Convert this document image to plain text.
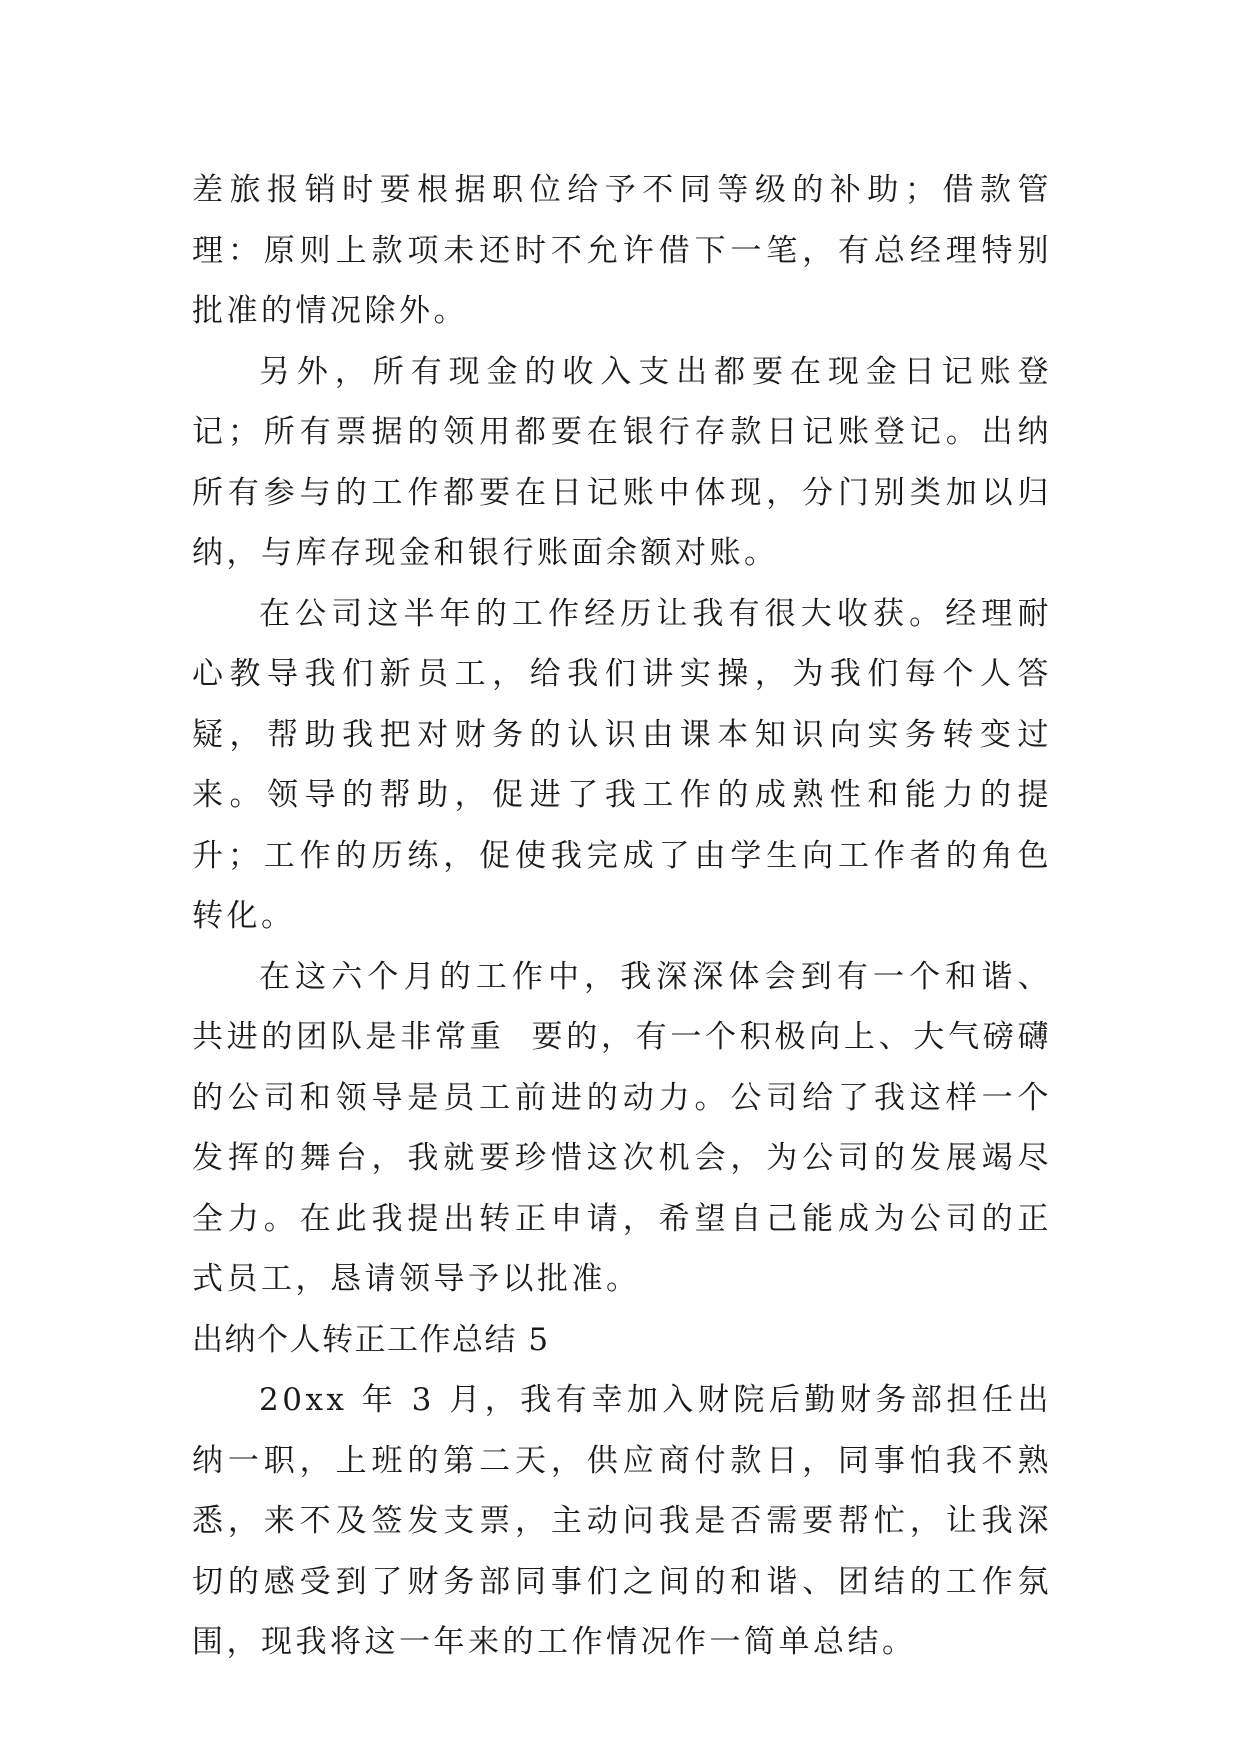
差旅报销时要根据职位给予不同等级的补助；借款管理：原则上款项未还时不允许借下一笔，有总经理特别批准的情况除外。

另外，所有现金的收入支出都要在现金日记账登记；所有票据的领用都要在银行存款日记账登记。出纳所有参与的工作都要在日记账中体现，分门别类加以归纳，与库存现金和银行账面余额对账。

在公司这半年的工作经历让我有很大收获。经理耐心教导我们新员工，给我们讲实操，为我们每个人答疑，帮助我把对财务的认识由课本知识向实务转变过来。领导的帮助，促进了我工作的成熟性和能力的提升；工作的历练，促使我完成了由学生向工作者的角色转化。

在这六个月的工作中，我深深体会到有一个和谐、共进的团队是非常重  要的，有一个积极向上、大气磅礴的公司和领导是员工前进的动力。公司给了我这样一个发挥的舞台，我就要珍惜这次机会，为公司的发展竭尽全力。在此我提出转正申请，希望自己能成为公司的正式员工，恳请领导予以批准。

出纳个人转正工作总结 5

20xx 年 3 月，我有幸加入财院后勤财务部担任出纳一职，上班的第二天，供应商付款日，同事怕我不熟悉，来不及签发支票，主动问我是否需要帮忙，让我深切的感受到了财务部同事们之间的和谐、团结的工作氛围，现我将这一年来的工作情况作一简单总结。
